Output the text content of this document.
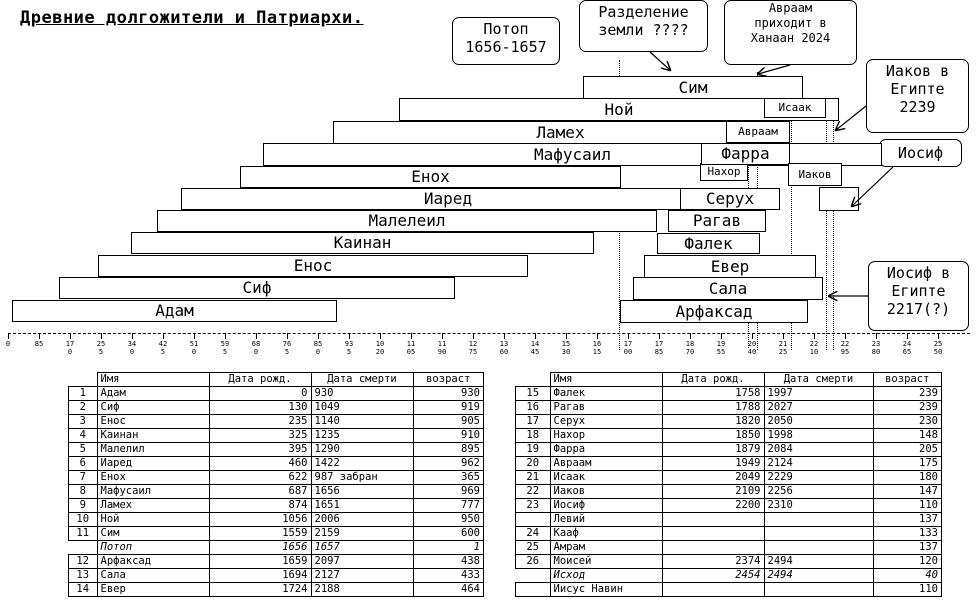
Древние долгожители и Патриархи.
Потоп
1656-1657
Разделение
земли ????
Авраам
приходит в
Ханаан 2024
Иаков в
Египте
2239
Иосиф
Иосиф в
Египте
2217(?)
Адам
Сиф
Енос
Каинан
Малелеил
Иаред
Енох
Мафусаил
Ламех
Ной
Сим
Арфаксад
Сала
Евер
Фалек
Рагав
Серух
Нахор
Фарра
Авраам
Исаак
Иаков
0	85	17
0
25
5
34
0
42
5
51
0
59
5
68
0
76
5
85
0
93
5
10
20
11
05
11
90
12
75
13
60
14
45
15
30
16
15
17
00
17
85
18
70
19
55
20
40
21
25
22
10
22
95
23
80
24
65
25
50
	Имя	Дата рожд.	Дата смерти	возраст
1	Адам	0	930	930
2	Сиф	130	1049	919
3	Енос	235	1140	905
4	Каинан	325	1235	910
5	Малелил	395	1290	895
6	Иаред	460	1422	962
7	Енох	622	987 забран	365
8	Мафусаил	687	1656	969
9	Ламех	874	1651	777
10	Ной	1056	2006	950
11	Сим	1559	2159	600
	Потоп	1656	1657	1
12	Арфаксад	1659	2097	438
13	Сала	1694	2127	433
14	Евер	1724	2188	464
	Имя	Дата рожд.	Дата смерти	возраст
15	Фалек	1758	1997	239
16	Рагав	1788	2027	239
17	Серух	1820	2050	230
18	Нахор	1850	1998	148
19	Фарра	1879	2084	205
20	Авраам	1949	2124	175
21	Исаак	2049	2229	180
22	Иаков	2109	2256	147
23	Иосиф	2200	2310	110
	Левий			137
24	Кааф			133
25	Амрам			137
26	Моисей	2374	2494	120
	Исход	2454	2494	40
	Иисус Навин			110
